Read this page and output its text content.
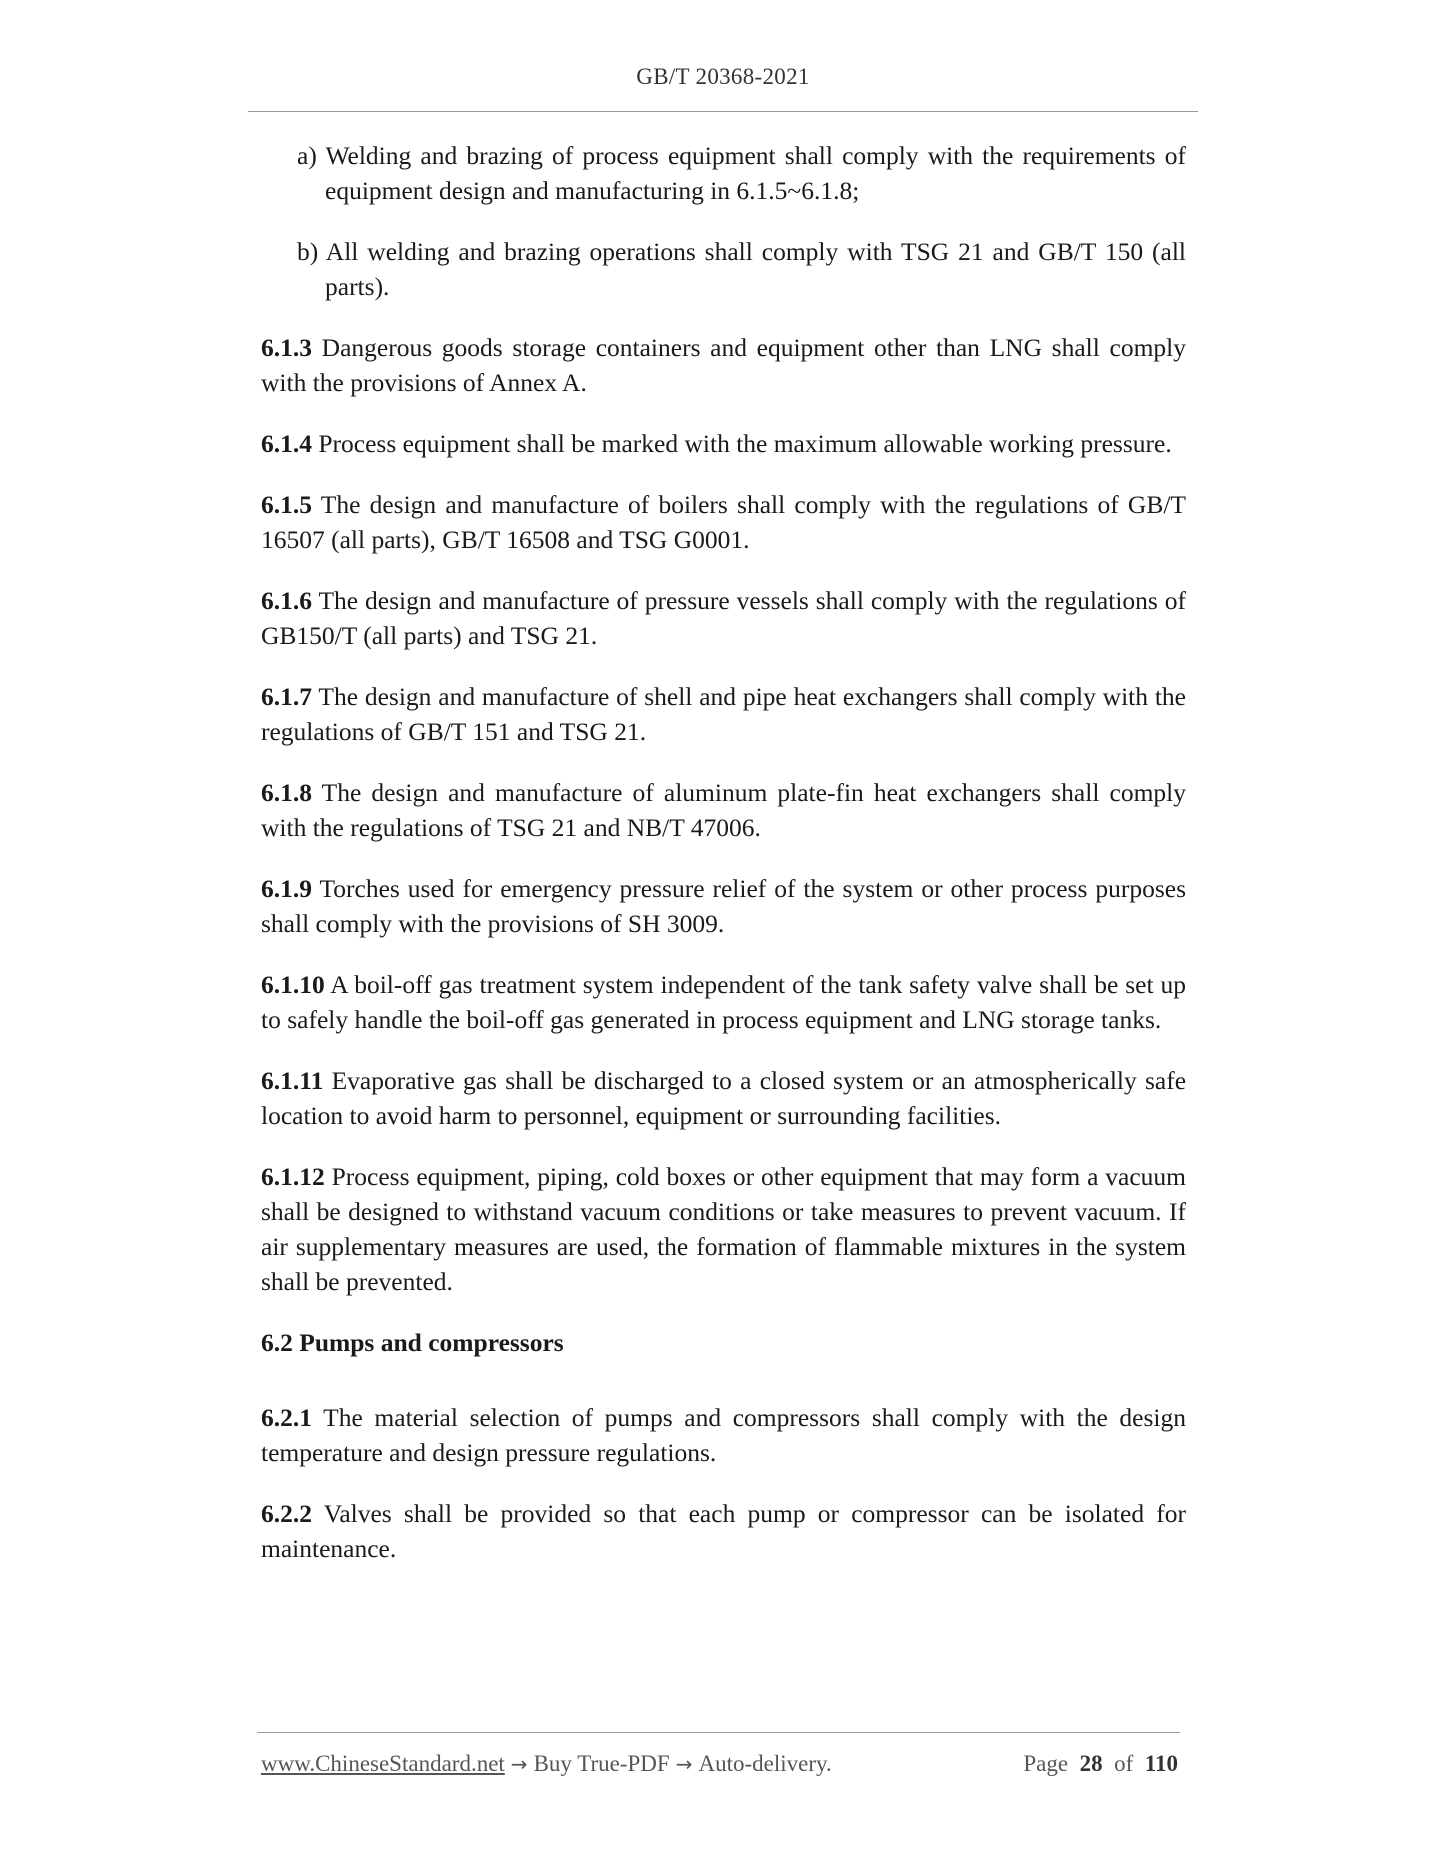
GB/T 20368-2021

a) Welding and brazing of process equipment shall comply with the requirements of equipment design and manufacturing in 6.1.5~6.1.8;

b) All welding and brazing operations shall comply with TSG 21 and GB/T 150 (all parts).

6.1.3 Dangerous goods storage containers and equipment other than LNG shall comply with the provisions of Annex A.

6.1.4 Process equipment shall be marked with the maximum allowable working pressure.

6.1.5 The design and manufacture of boilers shall comply with the regulations of GB/T 16507 (all parts), GB/T 16508 and TSG G0001.

6.1.6 The design and manufacture of pressure vessels shall comply with the regulations of GB150/T (all parts) and TSG 21.

6.1.7 The design and manufacture of shell and pipe heat exchangers shall comply with the regulations of GB/T 151 and TSG 21.

6.1.8 The design and manufacture of aluminum plate-fin heat exchangers shall comply with the regulations of TSG 21 and NB/T 47006.

6.1.9 Torches used for emergency pressure relief of the system or other process purposes shall comply with the provisions of SH 3009.

6.1.10 A boil-off gas treatment system independent of the tank safety valve shall be set up to safely handle the boil-off gas generated in process equipment and LNG storage tanks.

6.1.11 Evaporative gas shall be discharged to a closed system or an atmospherically safe location to avoid harm to personnel, equipment or surrounding facilities.

6.1.12 Process equipment, piping, cold boxes or other equipment that may form a vacuum shall be designed to withstand vacuum conditions or take measures to prevent vacuum. If air supplementary measures are used, the formation of flammable mixtures in the system shall be prevented.

6.2 Pumps and compressors

6.2.1 The material selection of pumps and compressors shall comply with the design temperature and design pressure regulations.

6.2.2 Valves shall be provided so that each pump or compressor can be isolated for maintenance.

www.ChineseStandard.net → Buy True-PDF → Auto-delivery.	Page 28 of 110
